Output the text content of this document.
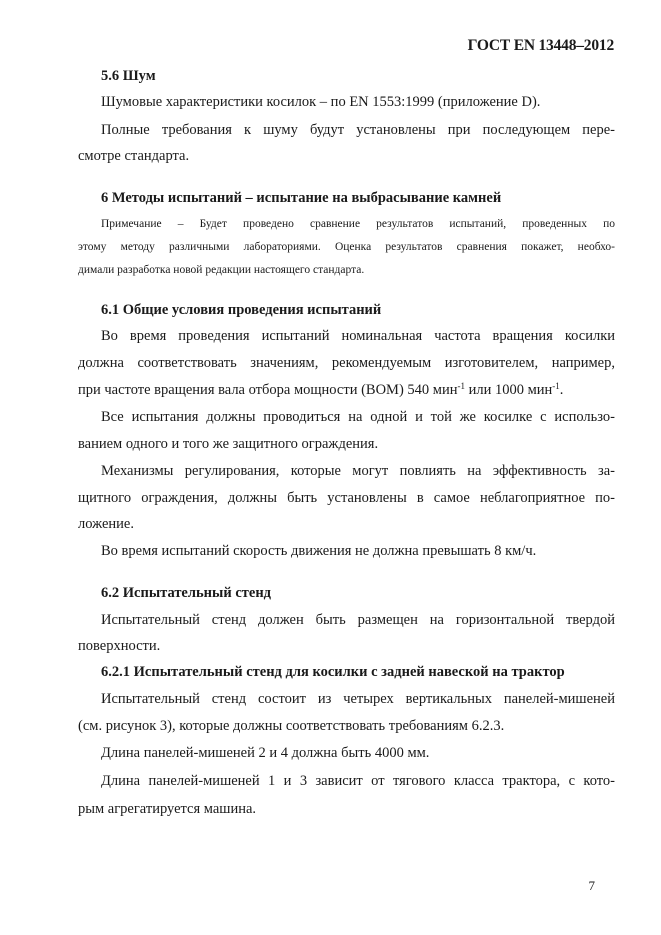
ГОСТ EN 13448–2012
5.6 Шум
Шумовые характеристики косилок – по EN 1553:1999 (приложение D).
Полные требования к шуму будут установлены при последующем пере-
смотре стандарта.
6 Методы испытаний – испытание на выбрасывание камней
Примечание – Будет проведено сравнение результатов испытаний, проведенных по
этому методу различными лабораториями. Оценка результатов сравнения покажет, необхо-
димали разработка новой редакции настоящего стандарта.
6.1 Общие условия проведения испытаний
Во время проведения испытаний номинальная частота вращения косилки
должна соответствовать значениям, рекомендуемым изготовителем, например,
при частоте вращения вала отбора мощности (ВОМ) 540 мин$^{-1}$ или 1000 мин$^{-1}$.
Все испытания должны проводиться на одной и той же косилке с использо-
ванием одного и того же защитного ограждения.
Механизмы регулирования, которые могут повлиять на эффективность за-
щитного ограждения, должны быть установлены в самое неблагоприятное по-
ложение.
Во время испытаний скорость движения не должна превышать 8 км/ч.
6.2 Испытательный стенд
Испытательный стенд должен быть размещен на горизонтальной твердой
поверхности.
6.2.1 Испытательный стенд для косилки с задней навеской на трактор
Испытательный стенд состоит из четырех вертикальных панелей-мишеней
(см. рисунок 3), которые должны соответствовать требованиям 6.2.3.
Длина панелей-мишеней 2 и 4 должна быть 4000 мм.
Длина панелей-мишеней 1 и 3 зависит от тягового класса трактора, с кото-
рым агрегатируется машина.
7
